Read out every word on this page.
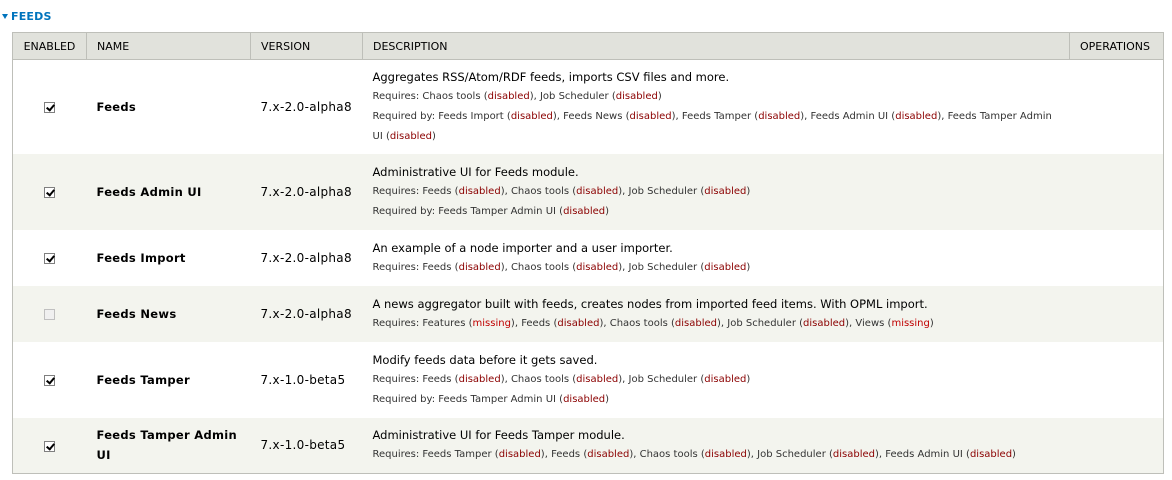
FEEDS
ENABLED	NAME	VERSION	DESCRIPTION	OPERATIONS

	Feeds	7.x-2.0-alpha8	Aggregates RSS/Atom/RDF feeds, imports CSV files and more.
Requires: Chaos tools (disabled), Job Scheduler (disabled)
Required by: Feeds Import (disabled), Feeds News (disabled), Feeds Tamper (disabled), Feeds Admin UI (disabled), Feeds Tamper Admin UI (disabled)	

	Feeds Admin UI	7.x-2.0-alpha8	Administrative UI for Feeds module.
Requires: Feeds (disabled), Chaos tools (disabled), Job Scheduler (disabled)
Required by: Feeds Tamper Admin UI (disabled)	

	Feeds Import	7.x-2.0-alpha8	An example of a node importer and a user importer.
Requires: Feeds (disabled), Chaos tools (disabled), Job Scheduler (disabled)	

	Feeds News	7.x-2.0-alpha8	A news aggregator built with feeds, creates nodes from imported feed items. With OPML import.
Requires: Features (missing), Feeds (disabled), Chaos tools (disabled), Job Scheduler (disabled), Views (missing)	

	Feeds Tamper	7.x-1.0-beta5	Modify feeds data before it gets saved.
Requires: Feeds (disabled), Chaos tools (disabled), Job Scheduler (disabled)
Required by: Feeds Tamper Admin UI (disabled)	

	Feeds Tamper Admin UI	7.x-1.0-beta5	Administrative UI for Feeds Tamper module.
Requires: Feeds Tamper (disabled), Feeds (disabled), Chaos tools (disabled), Job Scheduler (disabled), Feeds Admin UI (disabled)	
